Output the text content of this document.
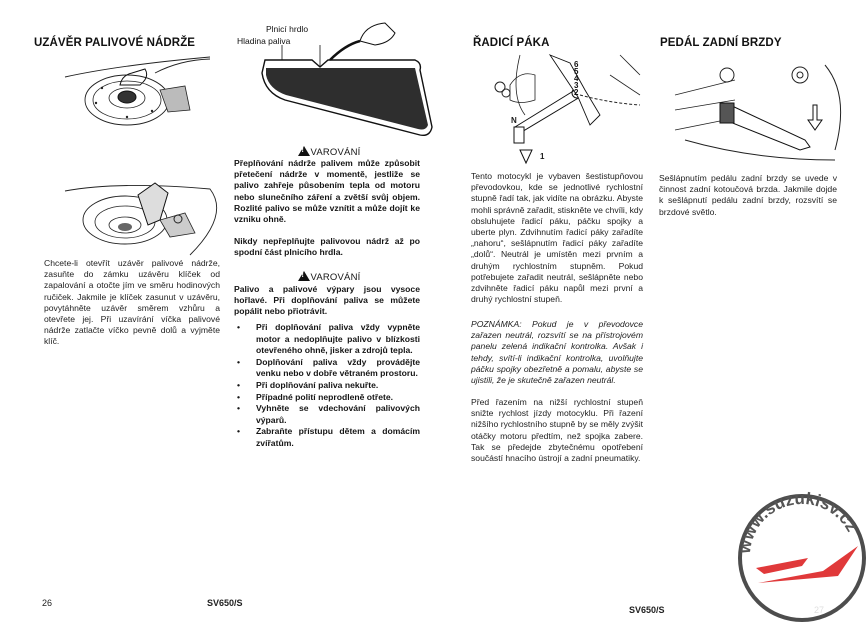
UZÁVĚR PALIVOVÉ NÁDRŽE
Chcete-li otevřít uzávěr palivové nádrže, zasuňte do zámku uzávěru klíček od zapalování a otočte jím ve směru hodinových ručiček. Jakmile je klíček zasunut v uzávěru, povytáhněte uzávěr směrem vzhůru a otevřete jej. Při uzavírání víčka palivové nádrže zatlačte víčko pevně dolů a vyjměte klíč.
Plnicí hrdlo
Hladina paliva
!VAROVÁNÍ
Přeplňování nádrže palivem může způsobit přetečení nádrže v momentě, jestliže se palivo zahřeje působením tepla od motoru nebo slunečního záření a zvětší svůj objem. Rozlité palivo se může vznítit a může dojít ke vzniku ohně.
Nikdy nepřeplňujte palivovou nádrž až po spodní část plnicího hrdla.
!VAROVÁNÍ
Palivo a palivové výpary jsou vysoce hořlavé. Při doplňování paliva se můžete popálit nebo přiotrávit.
• Při doplňování paliva vždy vypněte motor a nedoplňujte palivo v blízkosti otevřeného ohně, jisker a zdrojů tepla.
• Doplňování paliva vždy provádějte venku nebo v dobře větraném prostoru.
• Při doplňování paliva nekuřte.
• Případné polití neprodleně otřete.
• Vyhněte se vdechování palivových výparů.
• Zabraňte přístupu dětem a domácím zvířatům.
26	SV650/S
ŘADICÍ PÁKA
6
5
4
3
2
N
1
Tento motocykl je vybaven šestistupňovou převodovkou, kde se jednotlivé rychlostní stupně řadí tak, jak vidíte na obrázku. Abyste mohli správně zařadit, stiskněte ve chvíli, kdy obsluhujete řadicí páku, páčku spojky a uberte plyn. Zdvihnutím řadicí páky zařadíte „nahoru“, sešlápnutím řadicí páky zařadíte „dolů“. Neutrál je umístěn mezi prvním a druhým rychlostním stupněm. Pokud potřebujete zařadit neutrál, sešlápněte nebo zdvihněte řadicí páku napůl mezi první a druhý rychlostní stupeň.
POZNÁMKA: Pokud je v převodovce zařazen neutrál, rozsvítí se na přístrojovém panelu zelená indikační kontrolka. Avšak i tehdy, svítí-li indikační kontrolka, uvolňujte páčku spojky obezřetně a pomalu, abyste se ujistili, že je skutečně zařazen neutrál.
Před řazením na nižší rychlostní stupeň snižte rychlost jízdy motocyklu. Při řazení nižšího rychlostního stupně by se měly zvýšit otáčky motoru předtím, než spojka zabere. Tak se předejde zbytečnému opotřebení součástí hnacího ústrojí a zadní pneumatiky.
PEDÁL ZADNÍ BRZDY
Sešlápnutím pedálu zadní brzdy se uvede v činnost zadní kotoučová brzda. Jakmile dojde k sešlápnutí pedálu zadní brzdy, rozsvítí se brzdové světlo.
SV650/S
www.suzukisv.cz
